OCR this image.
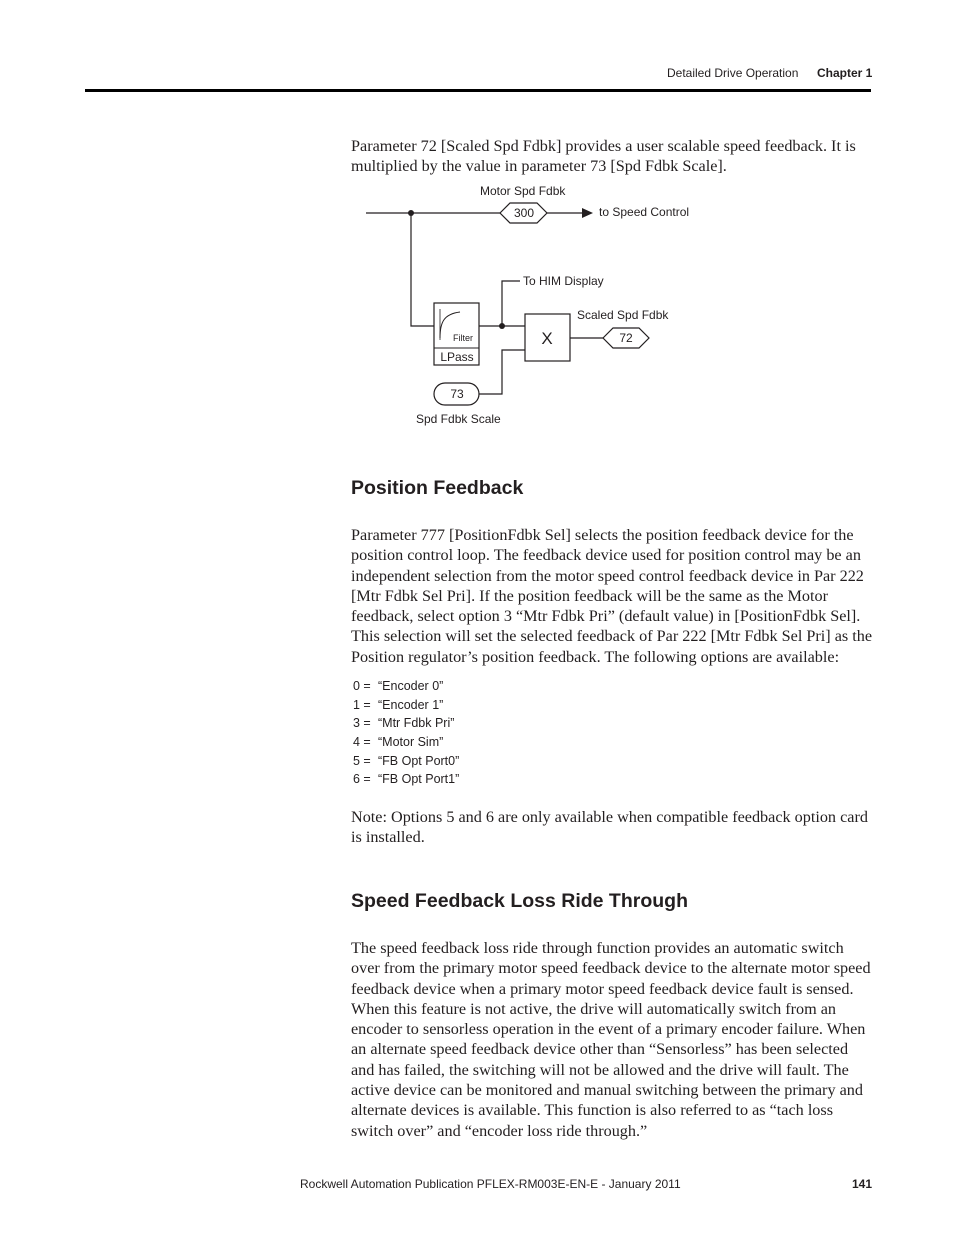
Detailed Drive Operation Chapter 1

Parameter 72 [Scaled Spd Fdbk] provides a user scalable speed feedback. It is multiplied by the value in parameter 73 [Spd Fdbk Scale].

300
Motor Spd Fdbk
to Speed Control
Filter
LPass
To HIM Display
X	72
Scaled Spd Fdbk
73
Spd Fdbk Scale
Position Feedback

Parameter 777 [PositionFdbk Sel] selects the position feedback device for the position control loop. The feedback device used for position control may be an independent selection from the motor speed control feedback device in Par 222 [Mtr Fdbk Sel Pri]. If the position feedback will be the same as the Motor feedback, select option 3 “Mtr Fdbk Pri” (default value) in [PositionFdbk Sel]. This selection will set the selected feedback of Par 222 [Mtr Fdbk Sel Pri] as the Position regulator’s position feedback. The following options are available:

0 = “Encoder 0”
1 = “Encoder 1”
3 = “Mtr Fdbk Pri”
4 = “Motor Sim”
5 = “FB Opt Port0”
6 = “FB Opt Port1”

Note: Options 5 and 6 are only available when compatible feedback option card is installed.

Speed Feedback Loss Ride Through

The speed feedback loss ride through function provides an automatic switch over from the primary motor speed feedback device to the alternate motor speed feedback device when a primary motor speed feedback device fault is sensed. When this feature is not active, the drive will automatically switch from an encoder to sensorless operation in the event of a primary encoder failure. When an alternate speed feedback device other than “Sensorless” has been selected and has failed, the switching will not be allowed and the drive will fault. The active device can be monitored and manual switching between the primary and alternate devices is available. This function is also referred to as “tach loss switch over” and “encoder loss ride through.”

Rockwell Automation Publication PFLEX-RM003E-EN-E - January 2011	141
